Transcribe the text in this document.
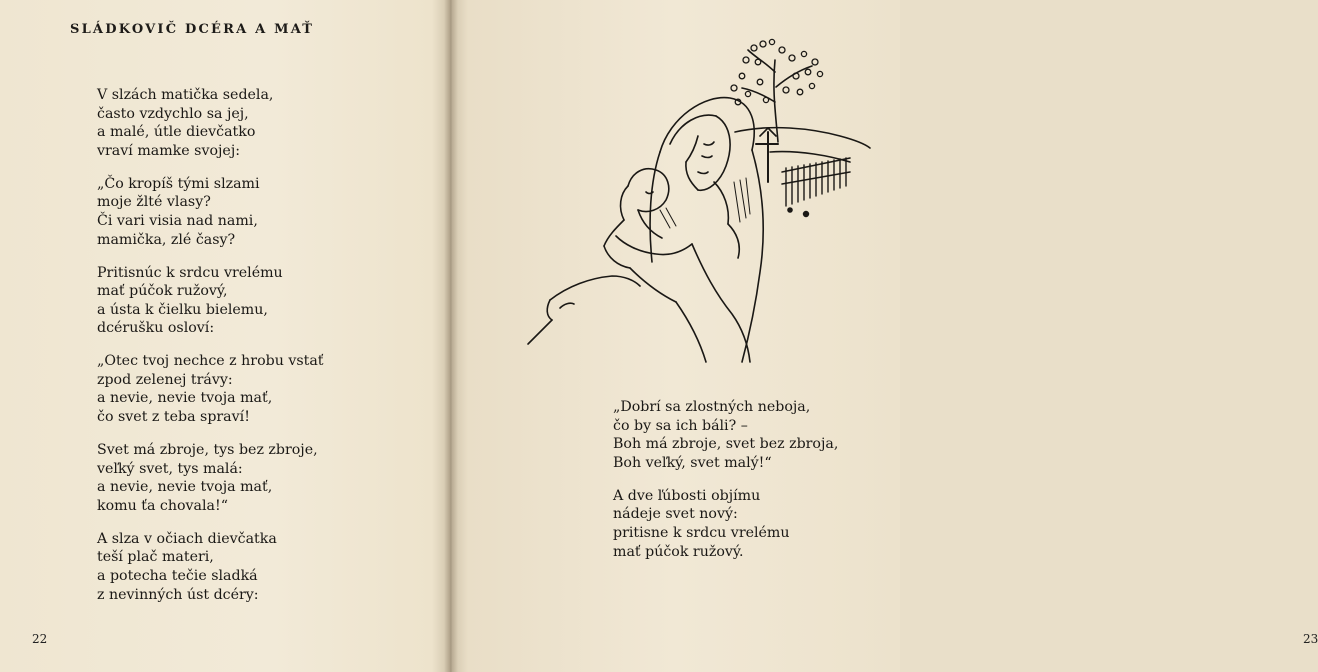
SLÁDKOVIČ DCÉRA A MAŤ
V slzách matička sedela,
často vzdychlo sa jej,
a malé, útle dievčatko
vraví mamke svojej:
„Čo kropíš tými slzami
moje žlté vlasy?
Či vari visia nad nami,
mamička, zlé časy?
Pritisnúc k srdcu vrelému
mať púčok ružový,
a ústa k čielku bielemu,
dcérušku osloví:
„Otec tvoj nechce z hrobu vstať
zpod zelenej trávy:
a nevie, nevie tvoja mať,
čo svet z teba spraví!
Svet má zbroje, tys bez zbroje,
veľký svet, tys malá:
a nevie, nevie tvoja mať,
komu ťa chovala!“
A slza v očiach dievčatka
teší plač materi,
a potecha tečie sladká
z nevinných úst dcéry:
22	23
„Dobrí sa zlostných neboja,
čo by sa ich báli? –
Boh má zbroje, svet bez zbroja,
Boh veľký, svet malý!“
A dve ľúbosti objímu
nádeje svet nový:
pritisne k srdcu vrelému
mať púčok ružový.
